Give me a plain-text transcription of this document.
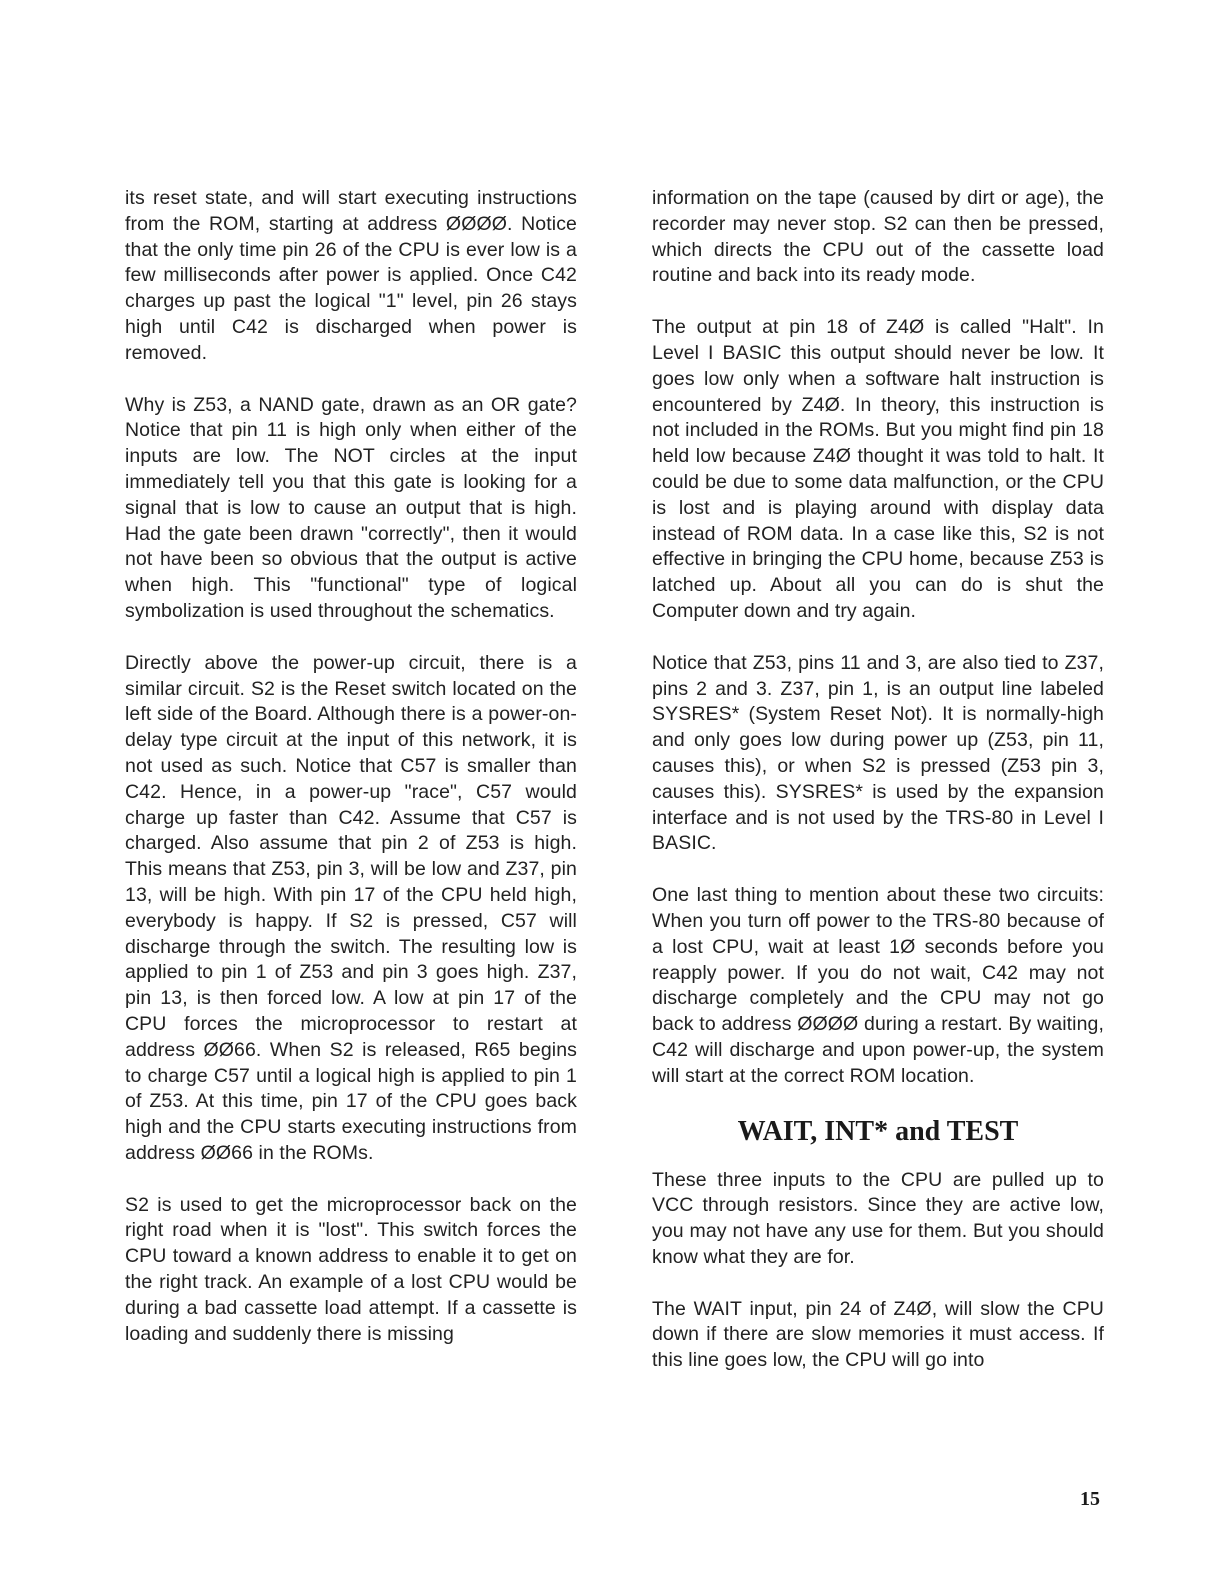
its reset state, and will start executing instructions from the ROM, starting at address ØØØØ. Notice that the only time pin 26 of the CPU is ever low is a few milliseconds after power is applied. Once C42 charges up past the logical "1" level, pin 26 stays high until C42 is discharged when power is removed.

Why is Z53, a NAND gate, drawn as an OR gate? Notice that pin 11 is high only when either of the inputs are low. The NOT circles at the input immediately tell you that this gate is looking for a signal that is low to cause an output that is high. Had the gate been drawn "correctly", then it would not have been so obvious that the output is active when high. This "functional" type of logical symbolization is used throughout the schematics.

Directly above the power-up circuit, there is a similar circuit. S2 is the Reset switch located on the left side of the Board. Although there is a power-on-delay type circuit at the input of this network, it is not used as such. Notice that C57 is smaller than C42. Hence, in a power-up "race", C57 would charge up faster than C42. Assume that C57 is charged. Also assume that pin 2 of Z53 is high. This means that Z53, pin 3, will be low and Z37, pin 13, will be high. With pin 17 of the CPU held high, everybody is happy. If S2 is pressed, C57 will discharge through the switch. The resulting low is applied to pin 1 of Z53 and pin 3 goes high. Z37, pin 13, is then forced low. A low at pin 17 of the CPU forces the microprocessor to restart at address ØØ66. When S2 is released, R65 begins to charge C57 until a logical high is applied to pin 1 of Z53. At this time, pin 17 of the CPU goes back high and the CPU starts executing instructions from address ØØ66 in the ROMs.

S2 is used to get the microprocessor back on the right road when it is "lost". This switch forces the CPU toward a known address to enable it to get on the right track. An example of a lost CPU would be during a bad cassette load attempt. If a cassette is loading and suddenly there is missing

information on the tape (caused by dirt or age), the recorder may never stop. S2 can then be pressed, which directs the CPU out of the cassette load routine and back into its ready mode.

The output at pin 18 of Z4Ø is called "Halt". In Level I BASIC this output should never be low. It goes low only when a software halt instruction is encountered by Z4Ø. In theory, this instruction is not included in the ROMs. But you might find pin 18 held low because Z4Ø thought it was told to halt. It could be due to some data malfunction, or the CPU is lost and is playing around with display data instead of ROM data. In a case like this, S2 is not effective in bringing the CPU home, because Z53 is latched up. About all you can do is shut the Computer down and try again.

Notice that Z53, pins 11 and 3, are also tied to Z37, pins 2 and 3. Z37, pin 1, is an output line labeled SYSRES* (System Reset Not). It is normally-high and only goes low during power up (Z53, pin 11, causes this), or when S2 is pressed (Z53 pin 3, causes this). SYSRES* is used by the expansion interface and is not used by the TRS-80 in Level I BASIC.

One last thing to mention about these two circuits: When you turn off power to the TRS-80 because of a lost CPU, wait at least 1Ø seconds before you reapply power. If you do not wait, C42 may not discharge completely and the CPU may not go back to address ØØØØ during a restart. By waiting, C42 will discharge and upon power-up, the system will start at the correct ROM location.

WAIT, INT* and TEST

These three inputs to the CPU are pulled up to VCC through resistors. Since they are active low, you may not have any use for them. But you should know what they are for.

The WAIT input, pin 24 of Z4Ø, will slow the CPU down if there are slow memories it must access. If this line goes low, the CPU will go into

15
